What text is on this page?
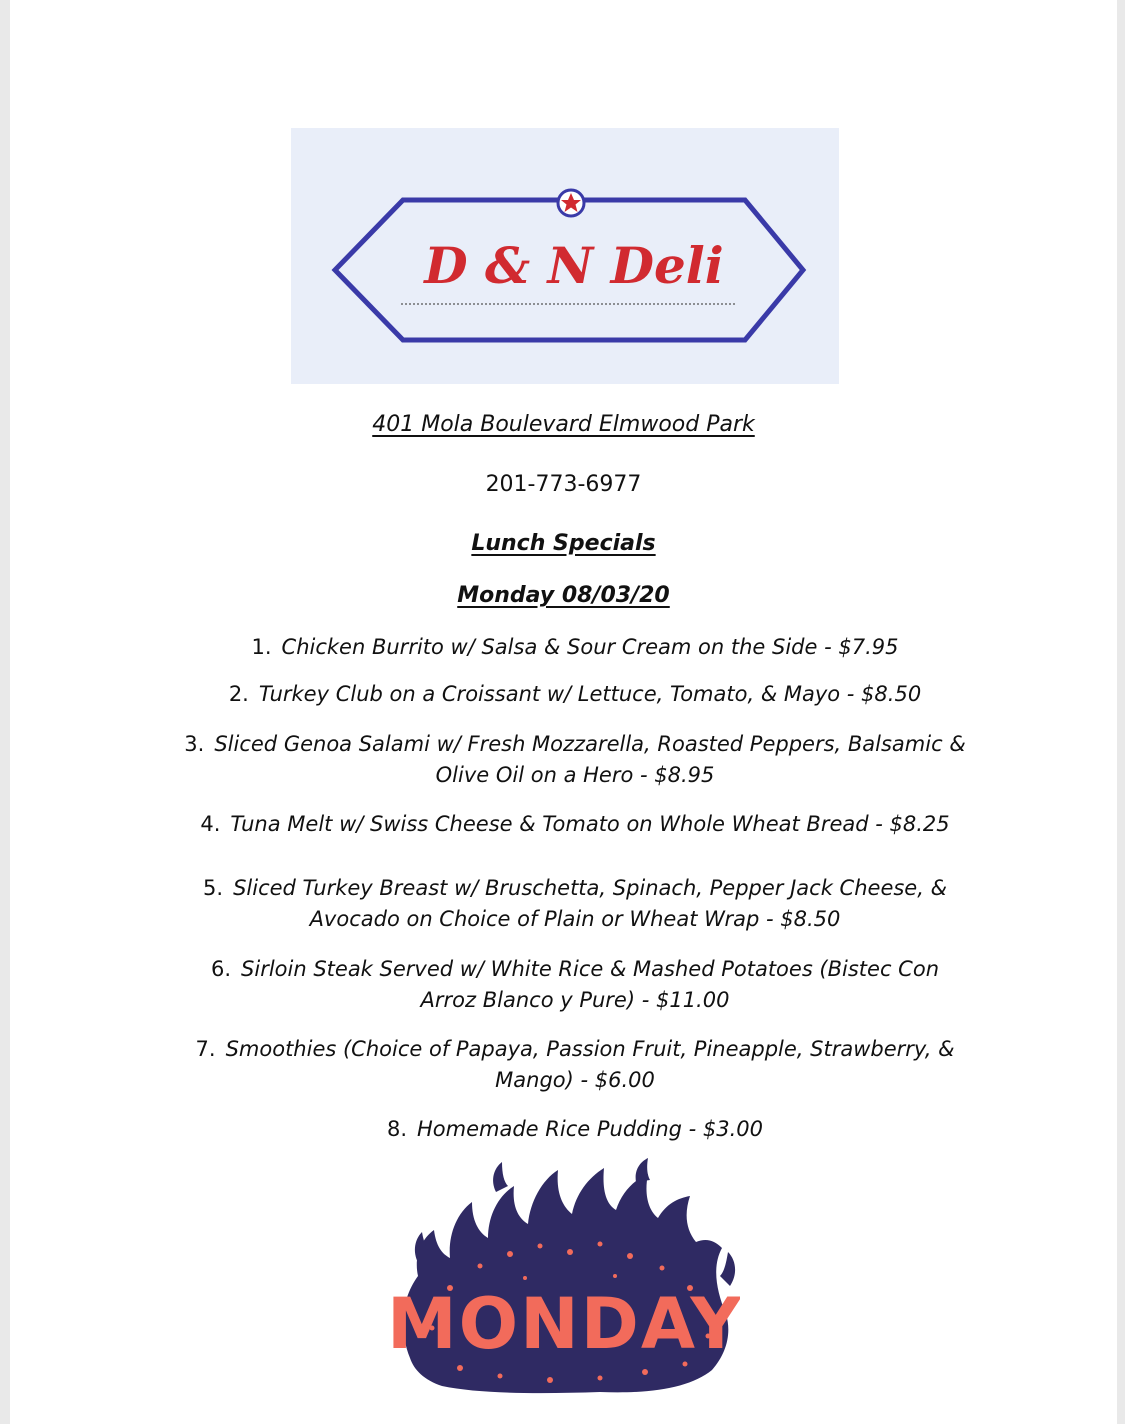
D & N Deli
401 Mola Boulevard Elmwood Park
201-773-6977
Lunch Specials
Monday 08/03/20
1. Chicken Burrito w/ Salsa & Sour Cream on the Side - $7.95
2. Turkey Club on a Croissant w/ Lettuce, Tomato, & Mayo - $8.50
3. Sliced Genoa Salami w/ Fresh Mozzarella, Roasted Peppers, Balsamic & Olive Oil on a Hero - $8.95
4. Tuna Melt w/ Swiss Cheese & Tomato on Whole Wheat Bread - $8.25
5. Sliced Turkey Breast w/ Bruschetta, Spinach, Pepper Jack Cheese, & Avocado on Choice of Plain or Wheat Wrap - $8.50
6. Sirloin Steak Served w/ White Rice & Mashed Potatoes (Bistec Con Arroz Blanco y Pure) - $11.00
7. Smoothies (Choice of Papaya, Passion Fruit, Pineapple, Strawberry, & Mango) - $6.00
8. Homemade Rice Pudding - $3.00
MONDAY
